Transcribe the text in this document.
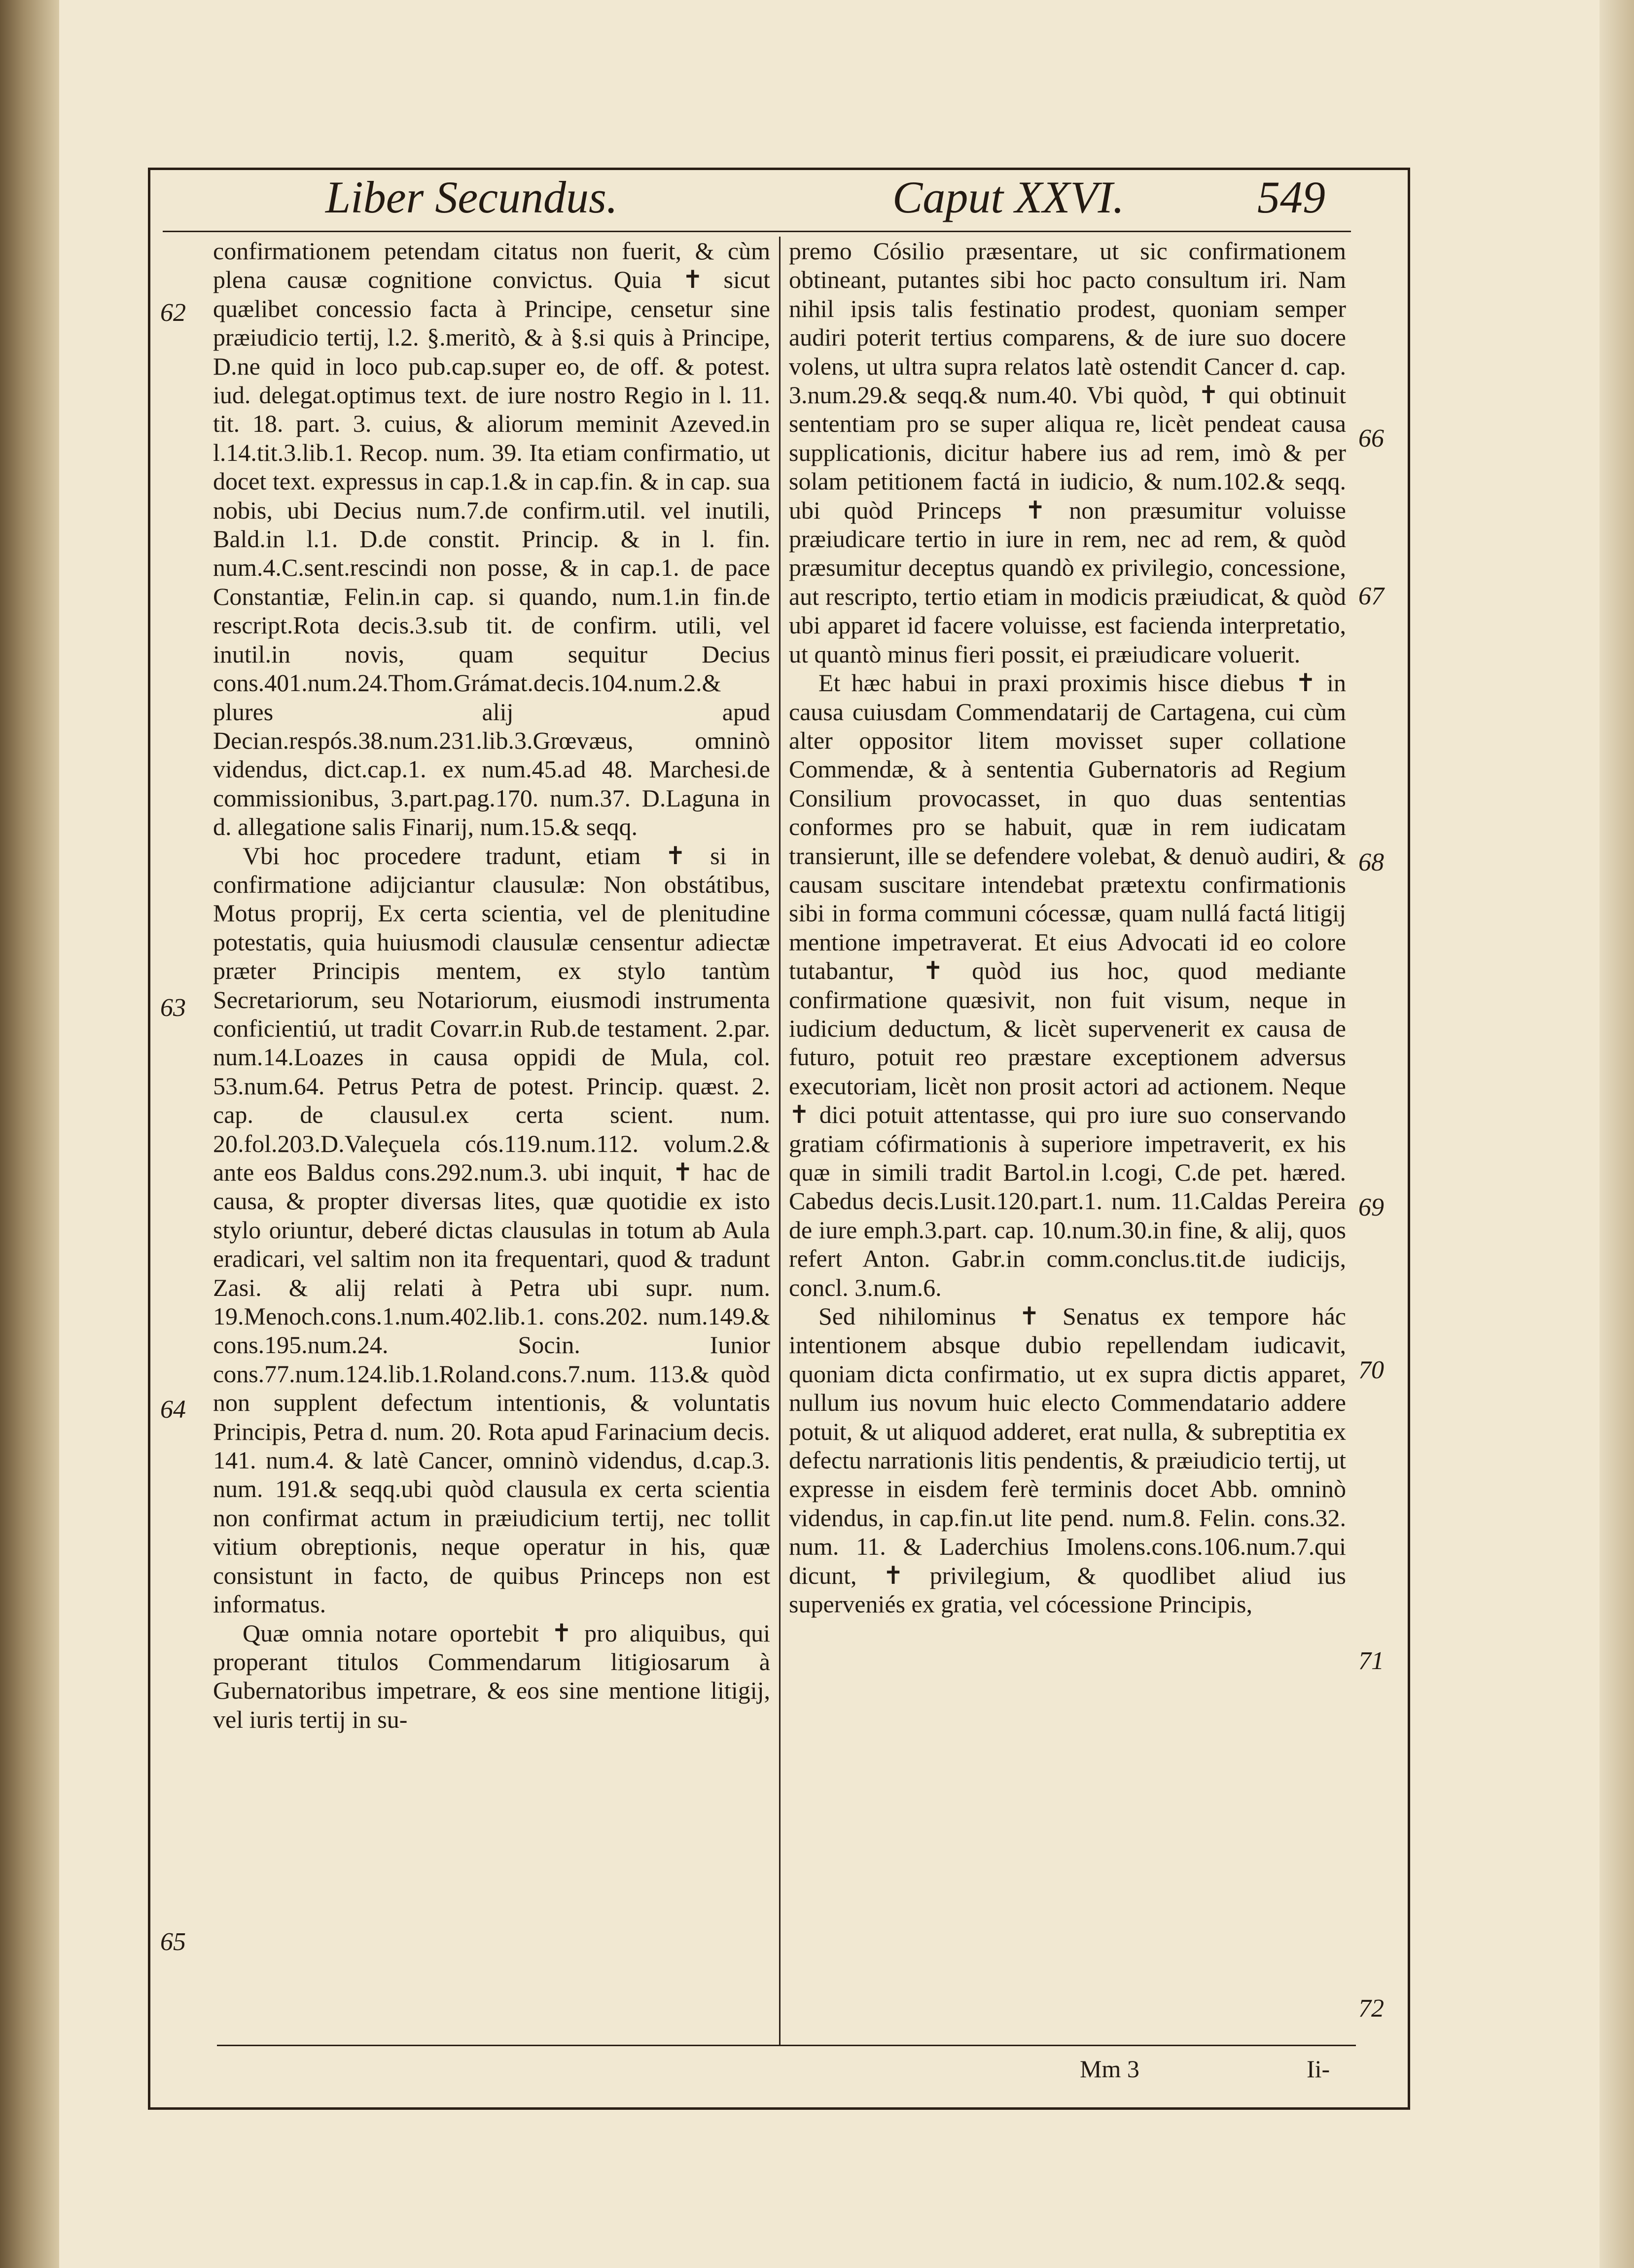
Liber Secundus.	Caput XXVI.	549

confirmationem petendam citatus non fuerit, & cùm plena causæ cognitione convictus. Quia ✝ sicut quælibet concessio facta à Principe, censetur sine præiudicio tertij, l.2. §.meritò, & à §.si quis à Principe, D.ne quid in loco pub.cap.super eo, de off. & potest. iud. delegat.optimus text. de iure nostro Regio in l. 11. tit. 18. part. 3. cuius, & aliorum meminit Azeved.in l.14.tit.3.lib.1. Recop. num. 39. Ita etiam confirmatio, ut docet text. expressus in cap.1.& in cap.fin. & in cap. sua nobis, ubi Decius num.7.de confirm.util. vel inutili, Bald.in l.1. D.de constit. Princip. & in l. fin. num.4.C.sent.rescindi non posse, & in cap.1. de pace Constantiæ, Felin.in cap. si quando, num.1.in fin.de rescript.Rota decis.3.sub tit. de confirm. utili, vel inutil.in novis, quam sequitur Decius cons.401.num.24.Thom.Grámat.decis.104.num.2.& plures alij apud Decian.respós.38.num.231.lib.3.Grœvæus, omninò videndus, dict.cap.1. ex num.45.ad 48. Marchesi.de commissionibus, 3.part.pag.170. num.37. D.Laguna in d. allegatione salis Finarij, num.15.& seqq.

Vbi hoc procedere tradunt, etiam ✝ si in confirmatione adijciantur clausulæ: Non obstátibus, Motus proprij, Ex certa scientia, vel de plenitudine potestatis, quia huiusmodi clausulæ censentur adiectæ præter Principis mentem, ex stylo tantùm Secretariorum, seu Notariorum, eiusmodi instrumenta conficientiú, ut tradit Covarr.in Rub.de testament. 2.par. num.14.Loazes in causa oppidi de Mula, col. 53.num.64. Petrus Petra de potest. Princip. quæst. 2. cap. de clausul.ex certa scient. num. 20.fol.203.D.Valeçuela cós.119.num.112. volum.2.& ante eos Baldus cons.292.num.3. ubi inquit, ✝ hac de causa, & propter diversas lites, quæ quotidie ex isto stylo oriuntur, deberé dictas clausulas in totum ab Aula eradicari, vel saltim non ita frequentari, quod & tradunt Zasi. & alij relati à Petra ubi supr. num. 19.Menoch.cons.1.num.402.lib.1. cons.202. num.149.& cons.195.num.24. Socin. Iunior cons.77.num.124.lib.1.Roland.cons.7.num. 113.& quòd non supplent defectum intentionis, & voluntatis Principis, Petra d. num. 20. Rota apud Farinacium decis. 141. num.4. & latè Cancer, omninò videndus, d.cap.3. num. 191.& seqq.ubi quòd clausula ex certa scientia non confirmat actum in præiudicium tertij, nec tollit vitium obreptionis, neque operatur in his, quæ consistunt in facto, de quibus Princeps non est informatus.

Quæ omnia notare oportebit ✝ pro aliquibus, qui properant titulos Commendarum litigiosarum à Gubernatoribus impetrare, & eos sine mentione litigij, vel iuris tertij in su-

premo Cósilio præsentare, ut sic confirmationem obtineant, putantes sibi hoc pacto consultum iri. Nam nihil ipsis talis festinatio prodest, quoniam semper audiri poterit tertius comparens, & de iure suo docere volens, ut ultra supra relatos latè ostendit Cancer d. cap. 3.num.29.& seqq.& num.40. Vbi quòd, ✝ qui obtinuit sententiam pro se super aliqua re, licèt pendeat causa supplicationis, dicitur habere ius ad rem, imò & per solam petitionem factá in iudicio, & num.102.& seqq. ubi quòd Princeps ✝ non præsumitur voluisse præiudicare tertio in iure in rem, nec ad rem, & quòd præsumitur deceptus quandò ex privilegio, concessione, aut rescripto, tertio etiam in modicis præiudicat, & quòd ubi apparet id facere voluisse, est facienda interpretatio, ut quantò minus fieri possit, ei præiudicare voluerit.

Et hæc habui in praxi proximis hisce diebus ✝ in causa cuiusdam Commendatarij de Cartagena, cui cùm alter oppositor litem movisset super collatione Commendæ, & à sententia Gubernatoris ad Regium Consilium provocasset, in quo duas sententias conformes pro se habuit, quæ in rem iudicatam transierunt, ille se defendere volebat, & denuò audiri, & causam suscitare intendebat prætextu confirmationis sibi in forma communi cócessæ, quam nullá factá litigij mentione impetraverat. Et eius Advocati id eo colore tutabantur, ✝ quòd ius hoc, quod mediante confirmatione quæsivit, non fuit visum, neque in iudicium deductum, & licèt supervenerit ex causa de futuro, potuit reo præstare exceptionem adversus executoriam, licèt non prosit actori ad actionem. Neque ✝ dici potuit attentasse, qui pro iure suo conservando gratiam cófirmationis à superiore impetraverit, ex his quæ in simili tradit Bartol.in l.cogi, C.de pet. hæred. Cabedus decis.Lusit.120.part.1. num. 11.Caldas Pereira de iure emph.3.part. cap. 10.num.30.in fine, & alij, quos refert Anton. Gabr.in comm.conclus.tit.de iudicijs, concl. 3.num.6.

Sed nihilominus ✝ Senatus ex tempore hác intentionem absque dubio repellendam iudicavit, quoniam dicta confirmatio, ut ex supra dictis apparet, nullum ius novum huic electo Commendatario addere potuit, & ut aliquod adderet, erat nulla, & subreptitia ex defectu narrationis litis pendentis, & præiudicio tertij, ut expresse in eisdem ferè terminis docet Abb. omninò videndus, in cap.fin.ut lite pend. num.8. Felin. cons.32. num. 11. & Laderchius Imolens.cons.106.num.7.qui dicunt, ✝ privilegium, & quodlibet aliud ius superveniés ex gratia, vel cócessione Principis,

62
63
64
65
66
67
68
69
70
71
72
Mm 3	Ii-
